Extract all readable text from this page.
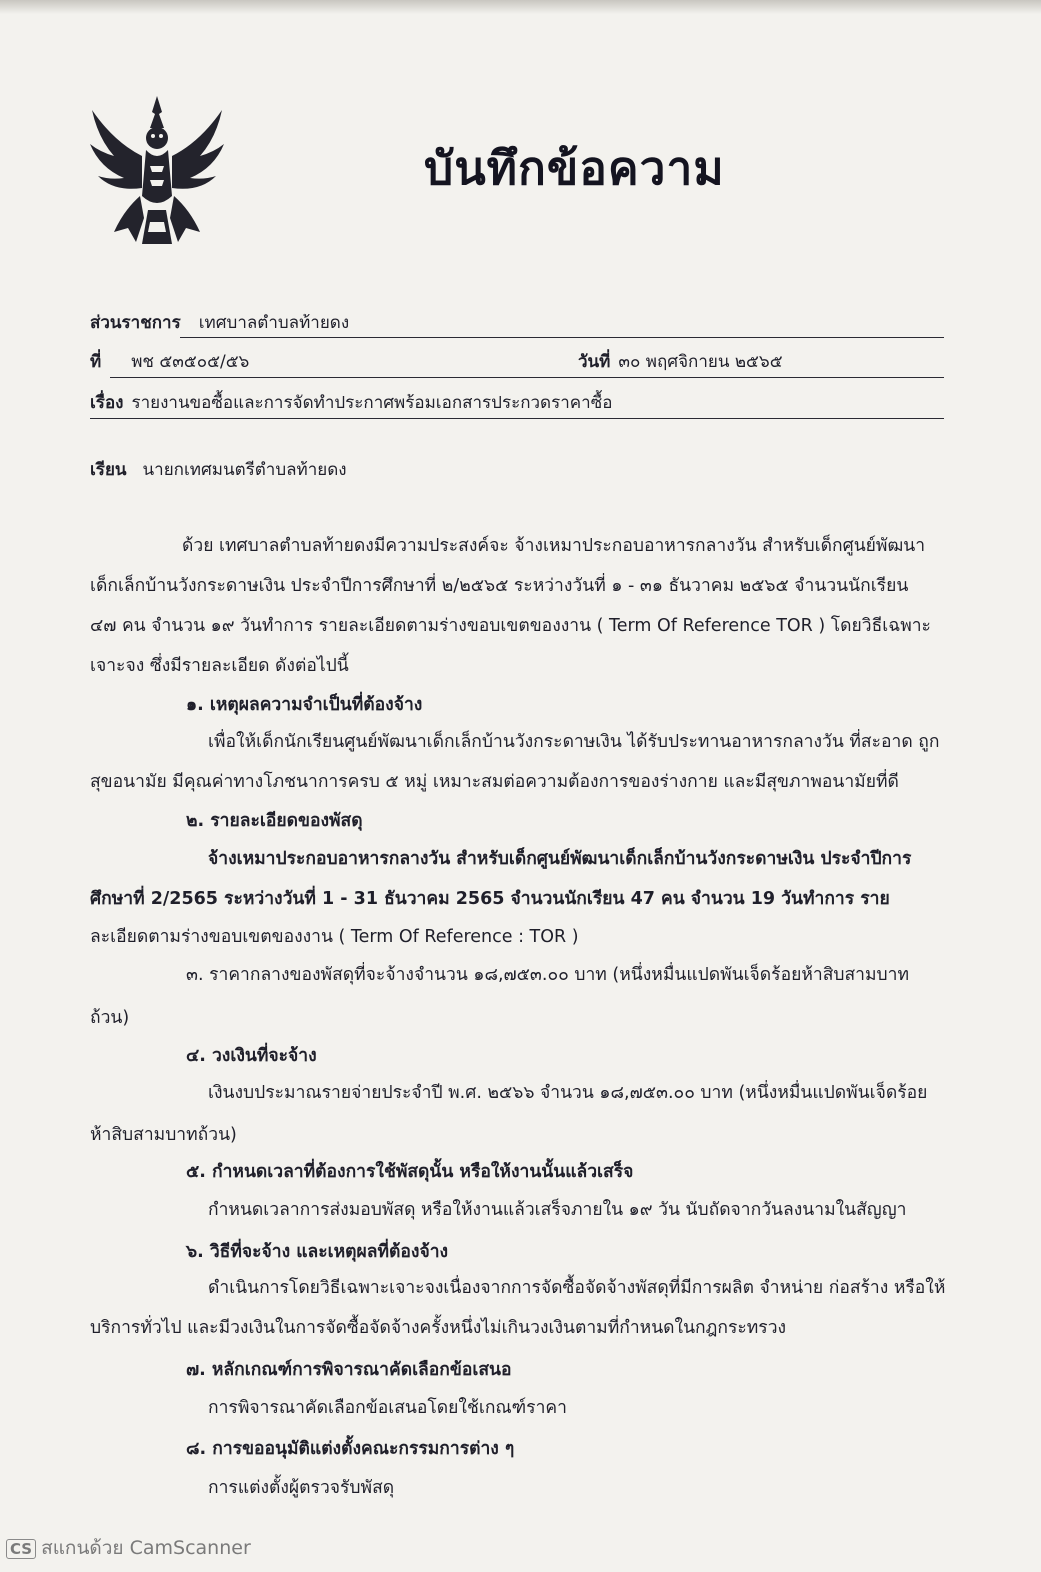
บันทึกข้อความ
ส่วนราชการ เทศบาลตำบลท้ายดง
ที่ พช ๕๓๕๐๕/๕๖	วันที่ ๓๐ พฤศจิกายน ๒๕๖๕
เรื่อง รายงานขอซื้อและการจัดทำประกาศพร้อมเอกสารประกวดราคาซื้อ
เรียน นายกเทศมนตรีตำบลท้ายดง
ด้วย เทศบาลตำบลท้ายดงมีความประสงค์จะ จ้างเหมาประกอบอาหารกลางวัน สำหรับเด็กศูนย์พัฒนา
เด็กเล็กบ้านวังกระดาษเงิน ประจำปีการศึกษาที่ ๒/๒๕๖๕ ระหว่างวันที่ ๑ - ๓๑ ธันวาคม ๒๕๖๕ จำนวนนักเรียน
๔๗ คน จำนวน ๑๙ วันทำการ รายละเอียดตามร่างขอบเขตของงาน ( Term Of Reference TOR ) โดยวิธีเฉพาะ
เจาะจง ซึ่งมีรายละเอียด ดังต่อไปนี้
๑. เหตุผลความจำเป็นที่ต้องจ้าง
เพื่อให้เด็กนักเรียนศูนย์พัฒนาเด็กเล็กบ้านวังกระดาษเงิน ได้รับประทานอาหารกลางวัน ที่สะอาด ถูก
สุขอนามัย มีคุณค่าทางโภชนาการครบ ๕ หมู่ เหมาะสมต่อความต้องการของร่างกาย และมีสุขภาพอนามัยที่ดี
๒. รายละเอียดของพัสดุ
จ้างเหมาประกอบอาหารกลางวัน สำหรับเด็กศูนย์พัฒนาเด็กเล็กบ้านวังกระดาษเงิน ประจำปีการ
ศึกษาที่ 2/2565 ระหว่างวันที่ 1 - 31 ธันวาคม 2565 จำนวนนักเรียน 47 คน จำนวน 19 วันทำการ ราย
ละเอียดตามร่างขอบเขตของงาน ( Term Of Reference : TOR )
๓. ราคากลางของพัสดุที่จะจ้างจำนวน ๑๘,๗๕๓.๐๐ บาท (หนึ่งหมื่นแปดพันเจ็ดร้อยห้าสิบสามบาท
ถ้วน)
๔. วงเงินที่จะจ้าง
เงินงบประมาณรายจ่ายประจำปี พ.ศ. ๒๕๖๖ จำนวน ๑๘,๗๕๓.๐๐ บาท (หนึ่งหมื่นแปดพันเจ็ดร้อย
ห้าสิบสามบาทถ้วน)
๕. กำหนดเวลาที่ต้องการใช้พัสดุนั้น หรือให้งานนั้นแล้วเสร็จ
กำหนดเวลาการส่งมอบพัสดุ หรือให้งานแล้วเสร็จภายใน ๑๙ วัน นับถัดจากวันลงนามในสัญญา
๖. วิธีที่จะจ้าง และเหตุผลที่ต้องจ้าง
ดำเนินการโดยวิธีเฉพาะเจาะจงเนื่องจากการจัดซื้อจัดจ้างพัสดุที่มีการผลิต จำหน่าย ก่อสร้าง หรือให้
บริการทั่วไป และมีวงเงินในการจัดซื้อจัดจ้างครั้งหนึ่งไม่เกินวงเงินตามที่กำหนดในกฎกระทรวง
๗. หลักเกณฑ์การพิจารณาคัดเลือกข้อเสนอ
การพิจารณาคัดเลือกข้อเสนอโดยใช้เกณฑ์ราคา
๘. การขออนุมัติแต่งตั้งคณะกรรมการต่าง ๆ
การแต่งตั้งผู้ตรวจรับพัสดุ
CS สแกนด้วย CamScanner
